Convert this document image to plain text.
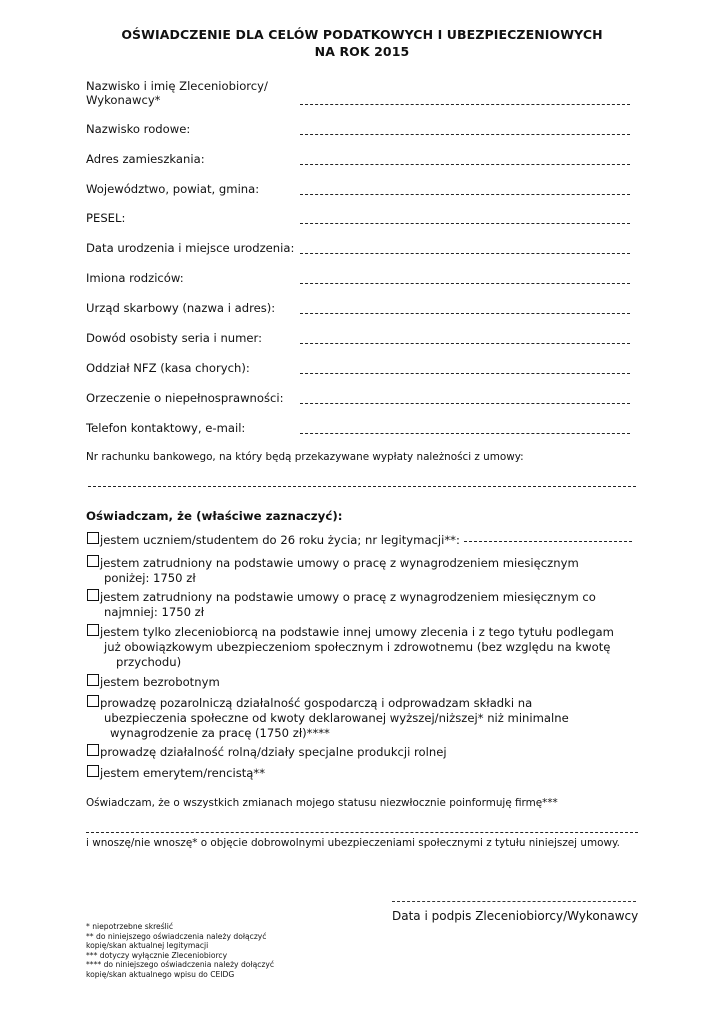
OŚWIADCZENIE DLA CELÓW PODATKOWYCH I UBEZPIECZENIOWYCH
NA ROK 2015
Nazwisko i imię Zleceniobiorcy/
Wykonawcy*
Nazwisko rodowe:
Adres zamieszkania:
Województwo, powiat, gmina:
PESEL:
Data urodzenia i miejsce urodzenia:
Imiona rodziców:
Urząd skarbowy (nazwa i adres):
Dowód osobisty seria i numer:
Oddział NFZ (kasa chorych):
Orzeczenie o niepełnosprawności:
Telefon kontaktowy, e-mail:
Nr rachunku bankowego, na który będą przekazywane wypłaty należności z umowy:
Oświadczam, że (właściwe zaznaczyć):
jestem uczniem/studentem do 26 roku życia; nr legitymacji**:
jestem zatrudniony na podstawie umowy o pracę z wynagrodzeniem miesięcznym
poniżej: 1750 zł
jestem zatrudniony na podstawie umowy o pracę z wynagrodzeniem miesięcznym co
najmniej: 1750 zł
jestem tylko zleceniobiorcą na podstawie innej umowy zlecenia i z tego tytułu podlegam
już obowiązkowym ubezpieczeniom społecznym i zdrowotnemu (bez względu na kwotę
przychodu)
jestem bezrobotnym
prowadzę pozarolniczą działalność gospodarczą i odprowadzam składki na
ubezpieczenia społeczne od kwoty deklarowanej wyższej/niższej* niż minimalne
wynagrodzenie za pracę (1750 zł)****
prowadzę działalność rolną/działy specjalne produkcji rolnej
jestem emerytem/rencistą**
Oświadczam, że o wszystkich zmianach mojego statusu niezwłocznie poinformuję firmę***
i wnoszę/nie wnoszę* o objęcie dobrowolnymi ubezpieczeniami społecznymi z tytułu niniejszej umowy.
Data i podpis Zleceniobiorcy/Wykonawcy
* niepotrzebne skreślić
** do niniejszego oświadczenia należy dołączyć
kopię/skan aktualnej legitymacji
*** dotyczy wyłącznie Zleceniobiorcy
**** do niniejszego oświadczenia należy dołączyć
kopię/skan aktualnego wpisu do CEIDG
